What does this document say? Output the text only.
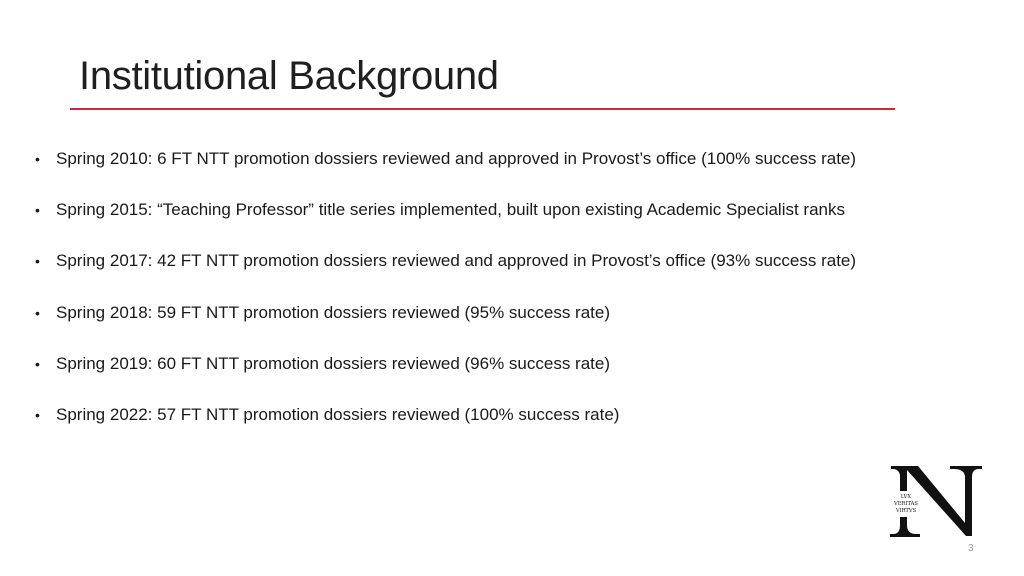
Institutional Background
• Spring 2010: 6 FT NTT promotion dossiers reviewed and approved in Provost’s office (100% success rate)
• Spring 2015: “Teaching Professor” title series implemented, built upon existing Academic Specialist ranks
• Spring 2017: 42 FT NTT promotion dossiers reviewed and approved in Provost’s office (93% success rate)
• Spring 2018: 59 FT NTT promotion dossiers reviewed (95% success rate)
• Spring 2019: 60 FT NTT promotion dossiers reviewed (96% success rate)
• Spring 2022: 57 FT NTT promotion dossiers reviewed (100% success rate)
LVX
VERITAS
VIRTVS
3
